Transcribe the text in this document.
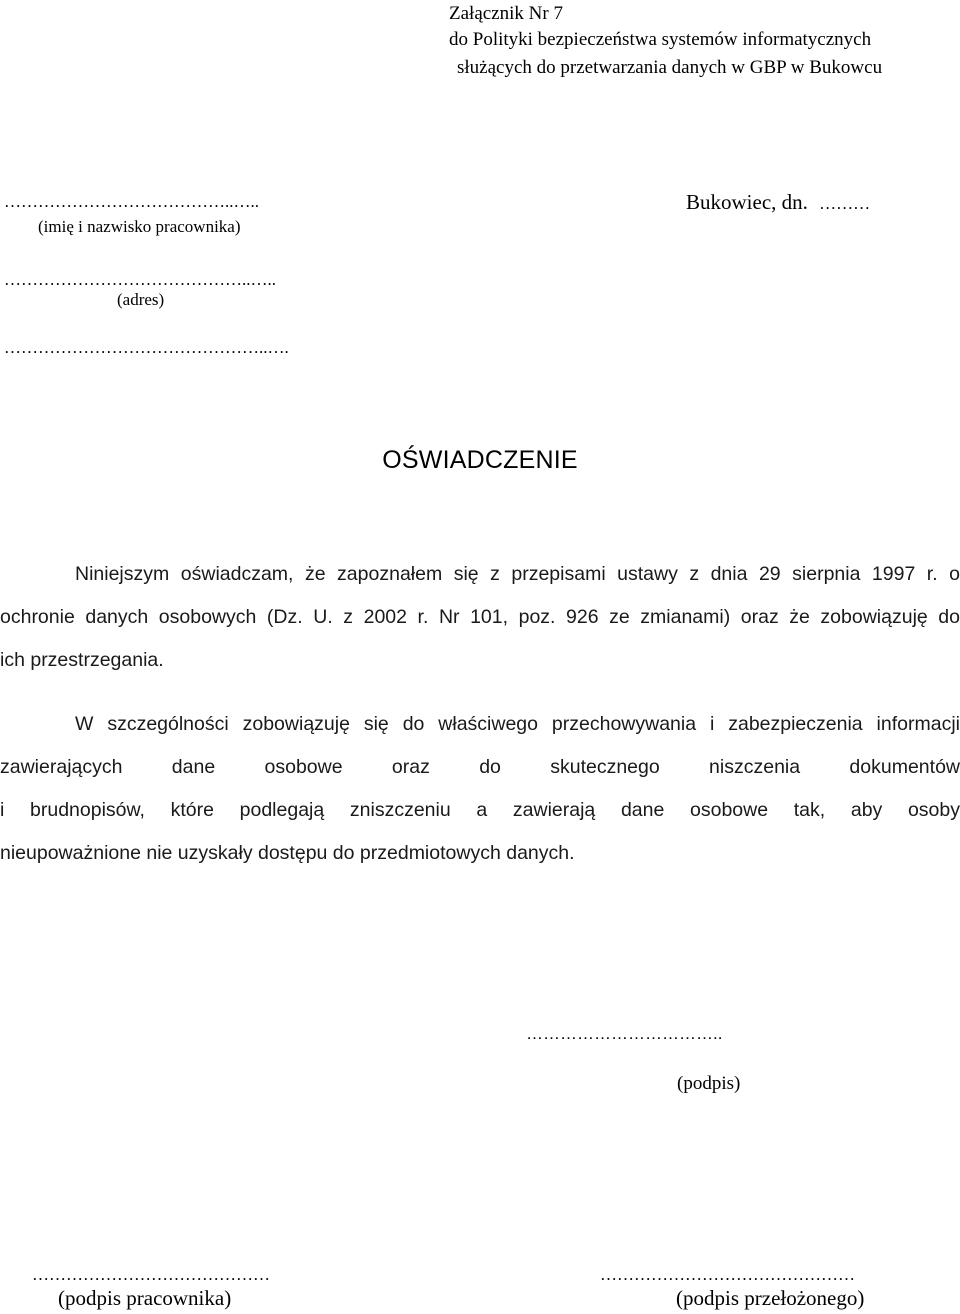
Załącznik Nr 7
do Polityki bezpieczeństwa systemów informatycznych
służących do przetwarzania danych w GBP w Bukowcu
…………………………………..…..
(imię i nazwisko pracownika)
Bukowiec, dn. ………
……………………………………..…..
(adres)
………………………………………..….
OŚWIADCZENIE
Niniejszym oświadczam, że zapoznałem się z przepisami ustawy z dnia 29 sierpnia 1997 r. o
ochronie danych osobowych (Dz. U. z 2002 r. Nr 101, poz. 926 ze zmianami) oraz że zobowiązuję do
ich przestrzegania.
W szczególności zobowiązuję się do właściwego przechowywania i zabezpieczenia informacji
zawierających dane osobowe oraz do skutecznego niszczenia dokumentów
i brudnopisów, które podlegają zniszczeniu a zawierają dane osobowe tak, aby osoby
nieupoważnione nie uzyskały dostępu do przedmiotowych danych.
……………………………..
(podpis)
……………………………………
(podpis pracownika)
………………………………………
(podpis przełożonego)
